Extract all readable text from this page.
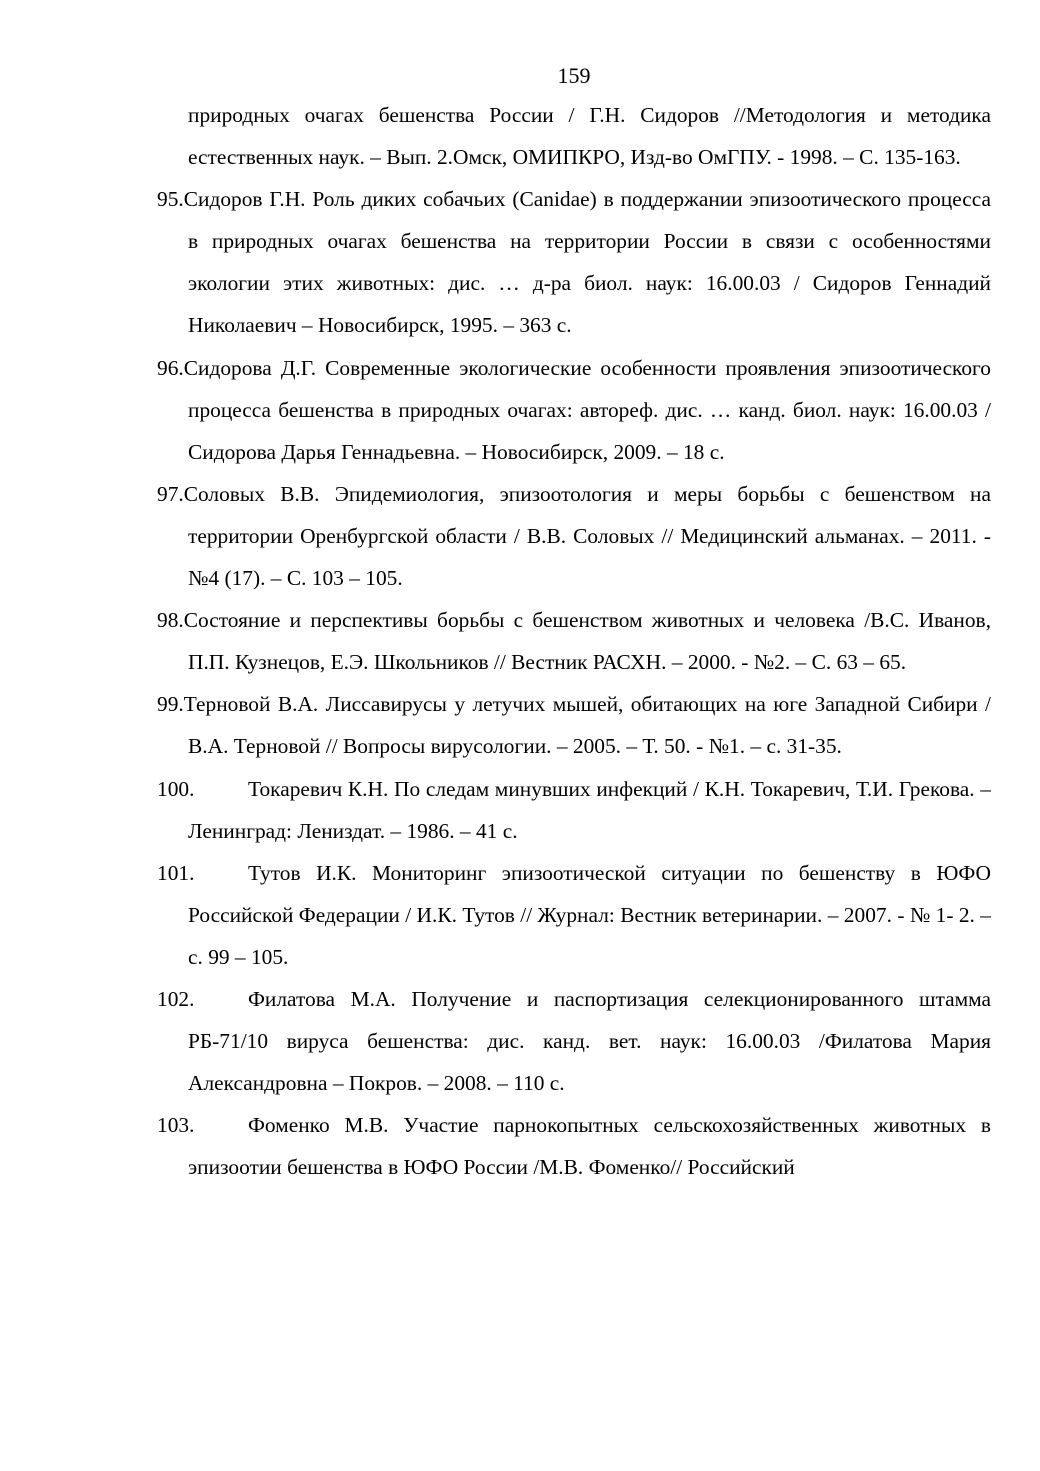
159

природных очагах бешенства России / Г.Н. Сидоров //Методология и методика естественных наук. – Вып. 2.Омск, ОМИПКРО, Изд-во ОмГПУ. - 1998. – С. 135-163.

95.Сидоров Г.Н. Роль диких собачьих (Canidae) в поддержании эпизоотического процесса в природных очагах бешенства на территории России в связи с особенностями экологии этих животных: дис. … д-ра биол. наук: 16.00.03 / Сидоров Геннадий Николаевич – Новосибирск, 1995. – 363 с.

96.Сидорова Д.Г. Современные экологические особенности проявления эпизоотического процесса бешенства в природных очагах: автореф. дис. … канд. биол. наук: 16.00.03 / Сидорова Дарья Геннадьевна. – Новосибирск, 2009. – 18 с.

97.Соловых В.В. Эпидемиология, эпизоотология и меры борьбы с бешенством на территории Оренбургской области / В.В. Соловых // Медицинский альманах. – 2011. - №4 (17). – С. 103 – 105.

98.Состояние и перспективы борьбы с бешенством животных и человека /В.С. Иванов, П.П. Кузнецов, Е.Э. Школьников // Вестник РАСХН. – 2000. - №2. – С. 63 – 65.

99.Терновой В.А. Лиссавирусы у летучих мышей, обитающих на юге Западной Сибири / В.А. Терновой // Вопросы вирусологии. – 2005. – Т. 50. - №1. – с. 31-35.

100.	Токаревич К.Н. По следам минувших инфекций / К.Н. Токаревич, Т.И. Грекова. – Ленинград: Лениздат. – 1986. – 41 с.

101.	Тутов И.К. Мониторинг эпизоотической ситуации по бешенству в ЮФО Российской Федерации / И.К. Тутов // Журнал: Вестник ветеринарии. – 2007. - № 1- 2. – с. 99 – 105.

102.	Филатова М.А. Получение и паспортизация селекционированного штамма РБ-71/10 вируса бешенства: дис. канд. вет. наук: 16.00.03 /Филатова Мария Александровна – Покров. – 2008. – 110 с.

103.	Фоменко М.В. Участие парнокопытных сельскохозяйственных животных в эпизоотии бешенства в ЮФО России /М.В. Фоменко// Российский
